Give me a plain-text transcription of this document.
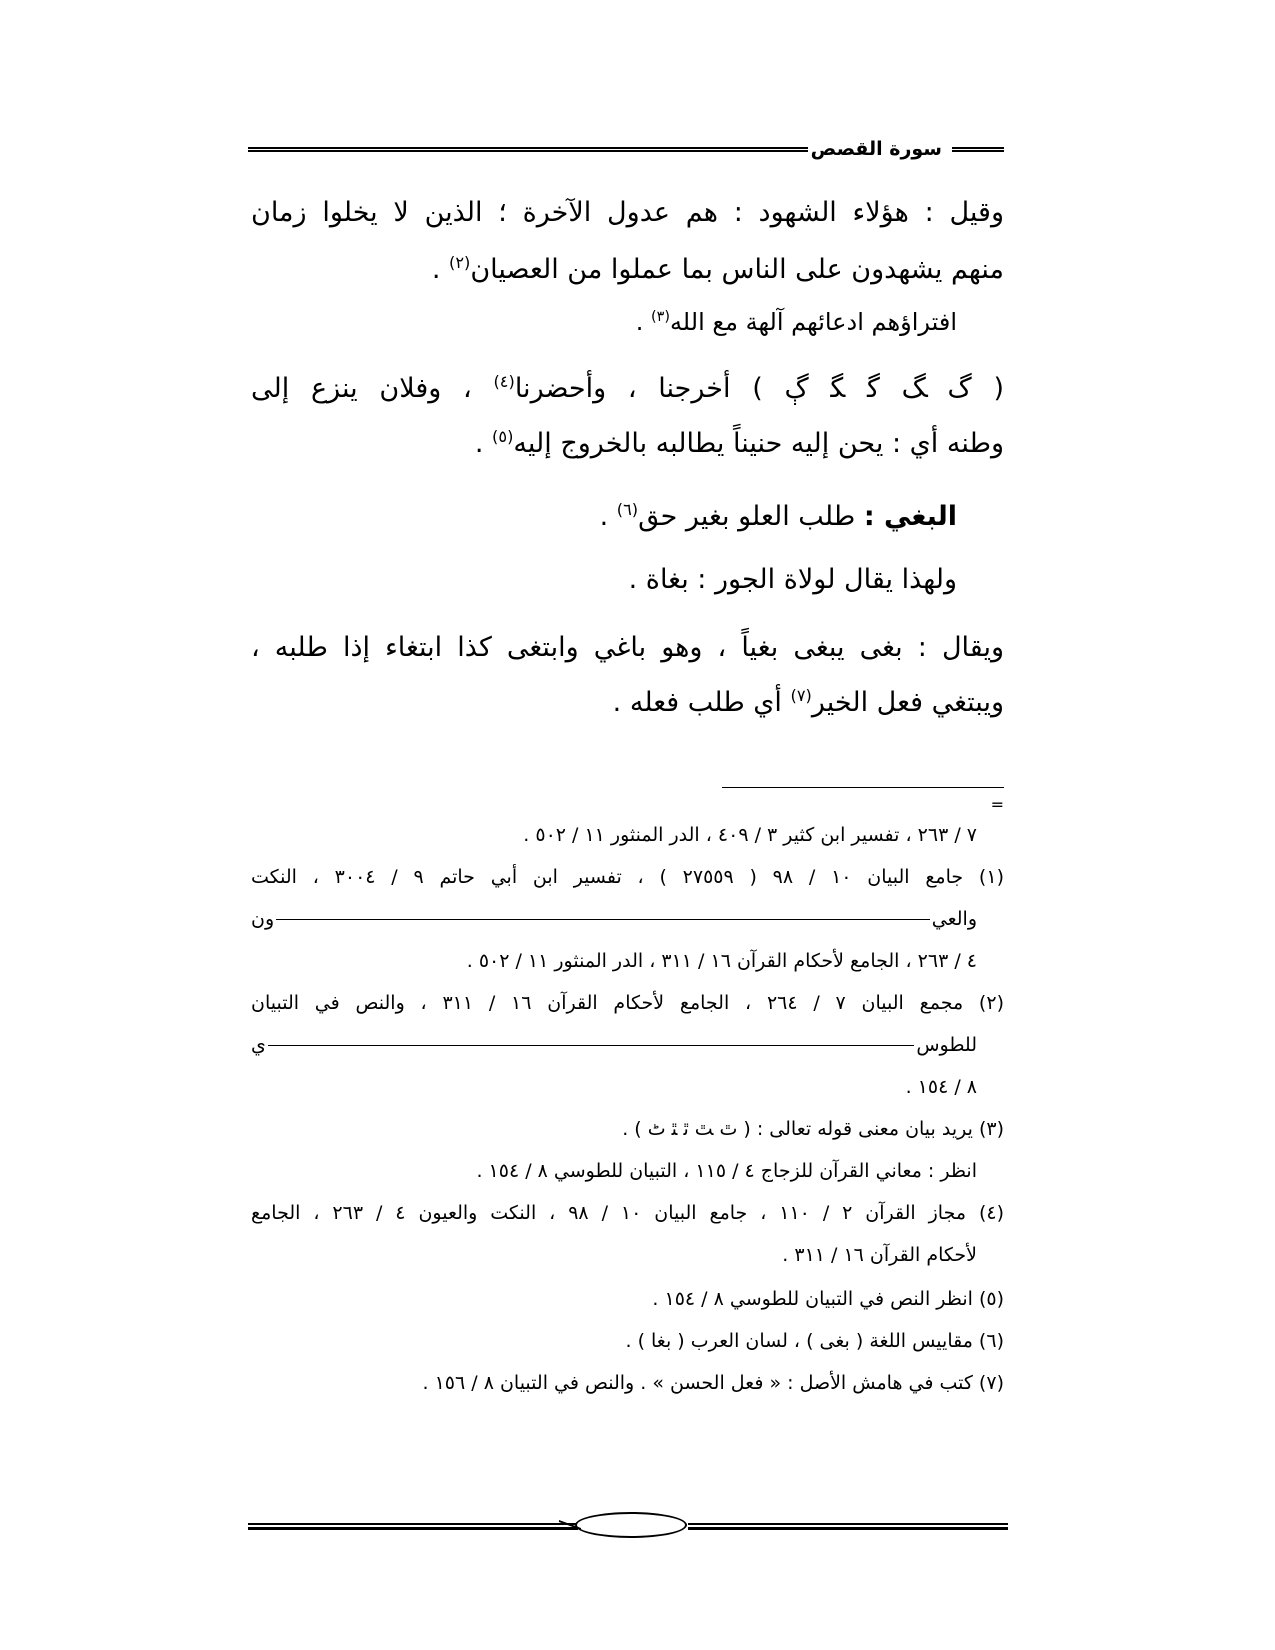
سورة القصص
وقيل : هؤلاء الشهود : هم عدول الآخرة ؛ الذين لا يخلوا زمان
منهم يشهدون على الناس بما عملوا من العصيان$^{(٢)}$ .
افتراؤهم ادعائهم آلهة مع الله$^{(٣)}$ .
( ﮒ ﮓ ﮔ ﮕ ﮖ ) أخرجنا ، وأحضرنا$^{(٤)}$ ، وفلان ينزع إلى
وطنه أي : يحن إليه حنيناً يطالبه بالخروج إليه$^{(٥)}$ .
البغي : طلب العلو بغير حق$^{(٦)}$ .
ولهذا يقال لولاة الجور : بغاة .
ويقال : بغى يبغى بغياً ، وهو باغي وابتغى كذا ابتغاء إذا طلبه ،
ويبتغي فعل الخير$^{(٧)}$ أي طلب فعله .
=
٧ / ٢٦٣ ، تفسير ابن كثير ٣ / ٤٠٩ ، الدر المنثور ١١ / ٥٠٢ .
(١) جامع البيان ١٠ / ٩٨ ( ٢٧٥٥٩ ) ، تفسير ابن أبي حاتم ٩ / ٣٠٠٤ ، النكت
والعي
ون
٤ / ٢٦٣ ، الجامع لأحكام القرآن ١٦ / ٣١١ ، الدر المنثور ١١ / ٥٠٢ .
(٢) مجمع البيان ٧ / ٢٦٤ ، الجامع لأحكام القرآن ١٦ / ٣١١ ، والنص في التبيان
للطوس
ي
٨ / ١٥٤ .
(٣) يريد بيان معنى قوله تعالى : ( ﭢ ﭣ ﭤ ﭥ ﭦ ) .
انظر : معاني القرآن للزجاج ٤ / ١١٥ ، التبيان للطوسي ٨ / ١٥٤ .
(٤) مجاز القرآن ٢ / ١١٠ ، جامع البيان ١٠ / ٩٨ ، النكت والعيون ٤ / ٢٦٣ ، الجامع
لأحكام القرآن ١٦ / ٣١١ .
(٥) انظر النص في التبيان للطوسي ٨ / ١٥٤ .
(٦) مقاييس اللغة ( بغى ) ، لسان العرب ( بغا ) .
(٧) كتب في هامش الأصل : « فعل الحسن » . والنص في التبيان ٨ / ١٥٦ .
